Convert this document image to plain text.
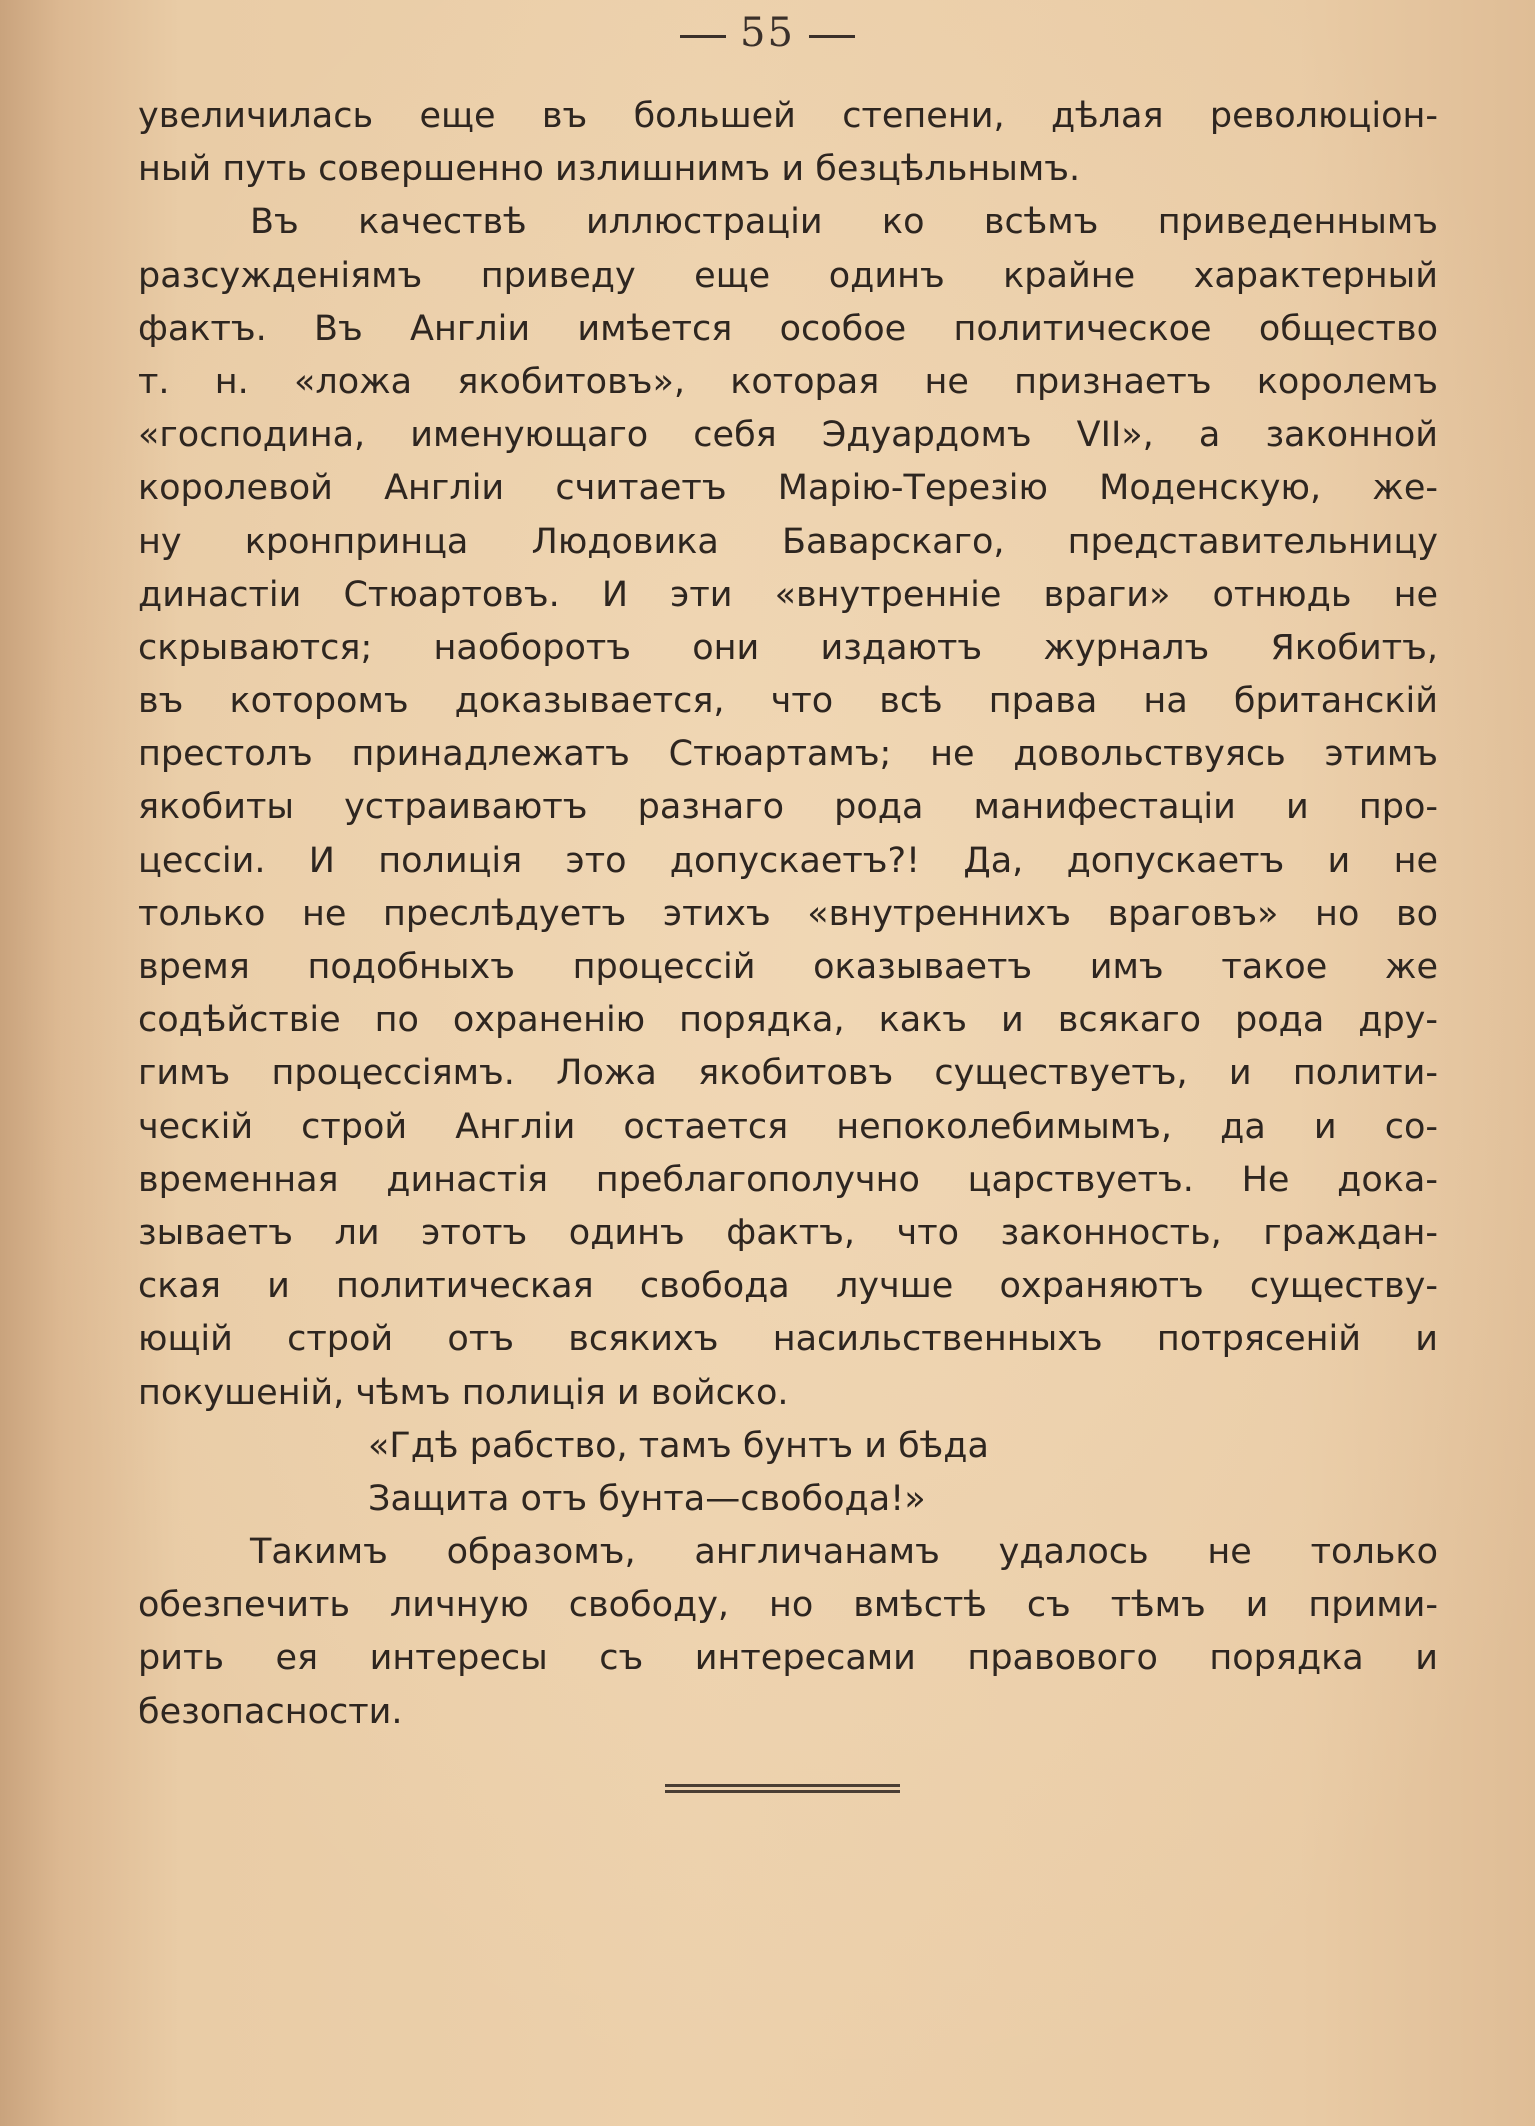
55
увеличилась еще въ большей степени, дѣлая революціон-
ный путь совершенно излишнимъ и безцѣльнымъ.
Въ качествѣ иллюстраціи ко всѣмъ приведеннымъ
разсужденіямъ приведу еще одинъ крайне характерный
фактъ. Въ Англіи имѣется особое политическое общество
т. н. «ложа якобитовъ», которая не признаетъ королемъ
«господина, именующаго себя Эдуардомъ VII», а законной
королевой Англіи считаетъ Марію-Терезію Моденскую, же-
ну кронпринца Людовика Баварскаго, представительницу
династіи Стюартовъ. И эти «внутренніе враги» отнюдь не
скрываются; наоборотъ они издаютъ журналъ Якобитъ,
въ которомъ доказывается, что всѣ права на британскій
престолъ принадлежатъ Стюартамъ; не довольствуясь этимъ
якобиты устраиваютъ разнаго рода манифестаціи и про-
цессіи. И полиція это допускаетъ?! Да, допускаетъ и не
только не преслѣдуетъ этихъ «внутреннихъ враговъ» но во
время подобныхъ процессій оказываетъ имъ такое же
содѣйствіе по охраненію порядка, какъ и всякаго рода дру-
гимъ процессіямъ. Ложа якобитовъ существуетъ, и полити-
ческій строй Англіи остается непоколебимымъ, да и со-
временная династія преблагополучно царствуетъ. Не дока-
зываетъ ли этотъ одинъ фактъ, что законность, граждан-
ская и политическая свобода лучше охраняютъ существу-
ющій строй отъ всякихъ насильственныхъ потрясеній и
покушеній, чѣмъ полиція и войско.
«Гдѣ рабство, тамъ бунтъ и бѣда
Защита отъ бунта—свобода!»
Такимъ образомъ, англичанамъ удалось не только
обезпечить личную свободу, но вмѣстѣ съ тѣмъ и прими-
рить ея интересы съ интересами правового порядка и
безопасности.
